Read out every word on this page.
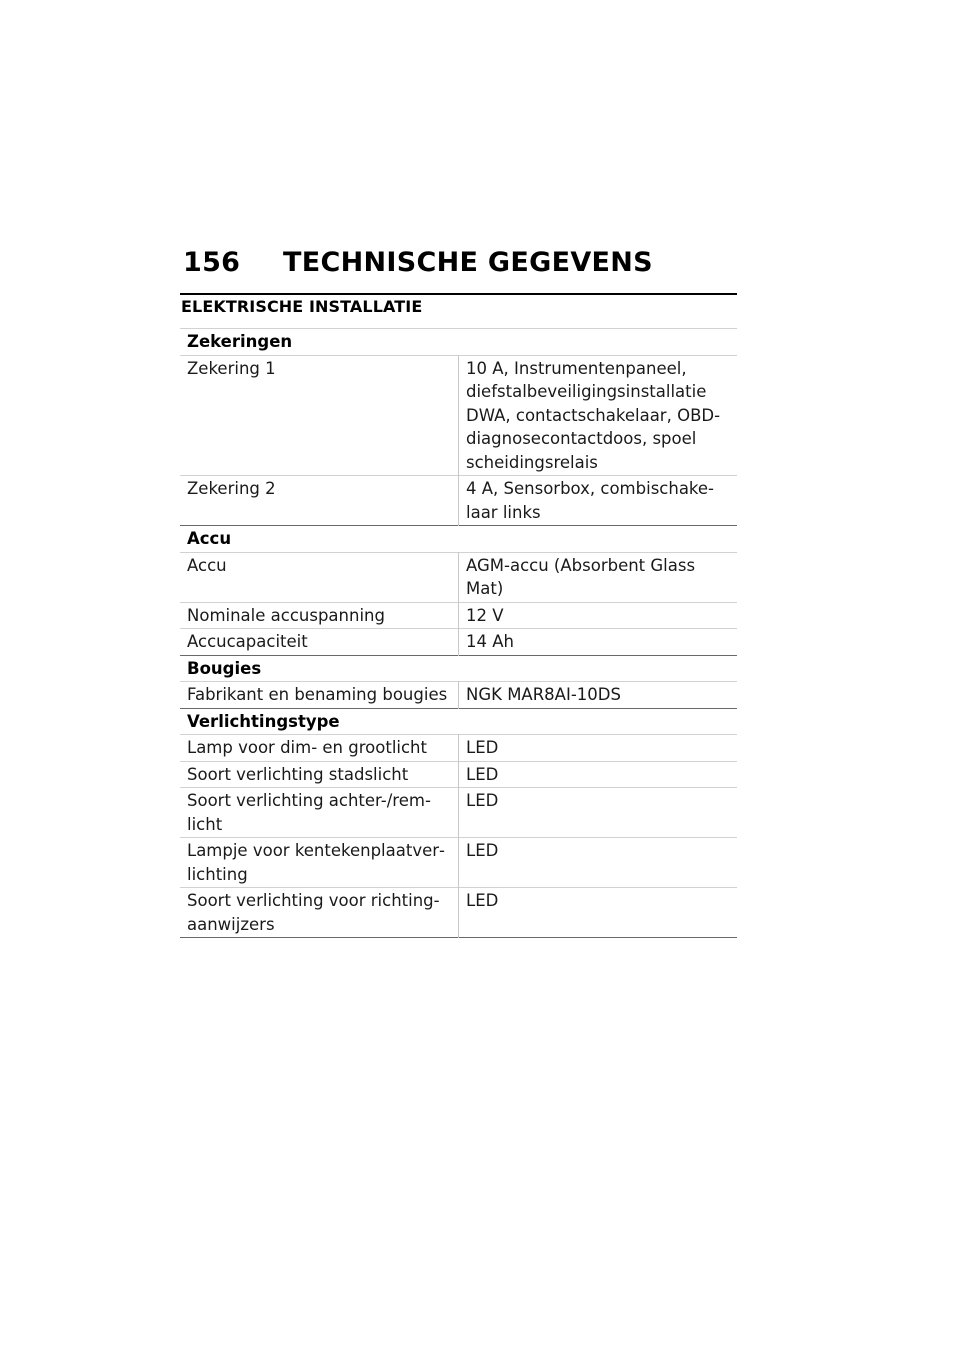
156	TECHNISCHE GEGEVENS
ELEKTRISCHE INSTALLATIE
Zekeringen	
Zekering 1	10 A, Instrumentenpaneel, diefstalbeveiligingsinstallatie DWA, contactschakelaar, OBD-diagnosecontactdoos, spoel scheidingsrelais
Zekering 2	4 A, Sensorbox, combischakelaar links
Accu	
Accu	AGM-accu (Absorbent Glass Mat)
Nominale accuspanning	12 V
Accucapaciteit	14 Ah
Bougies	
Fabrikant en benaming bougies	NGK MAR8AI-10DS
Verlichtingstype	
Lamp voor dim- en grootlicht	LED
Soort verlichting stadslicht	LED
Soort verlichting achter-/remlicht	LED
Lampje voor kentekenplaatverlichting	LED
Soort verlichting voor richtingaanwijzers	LED
